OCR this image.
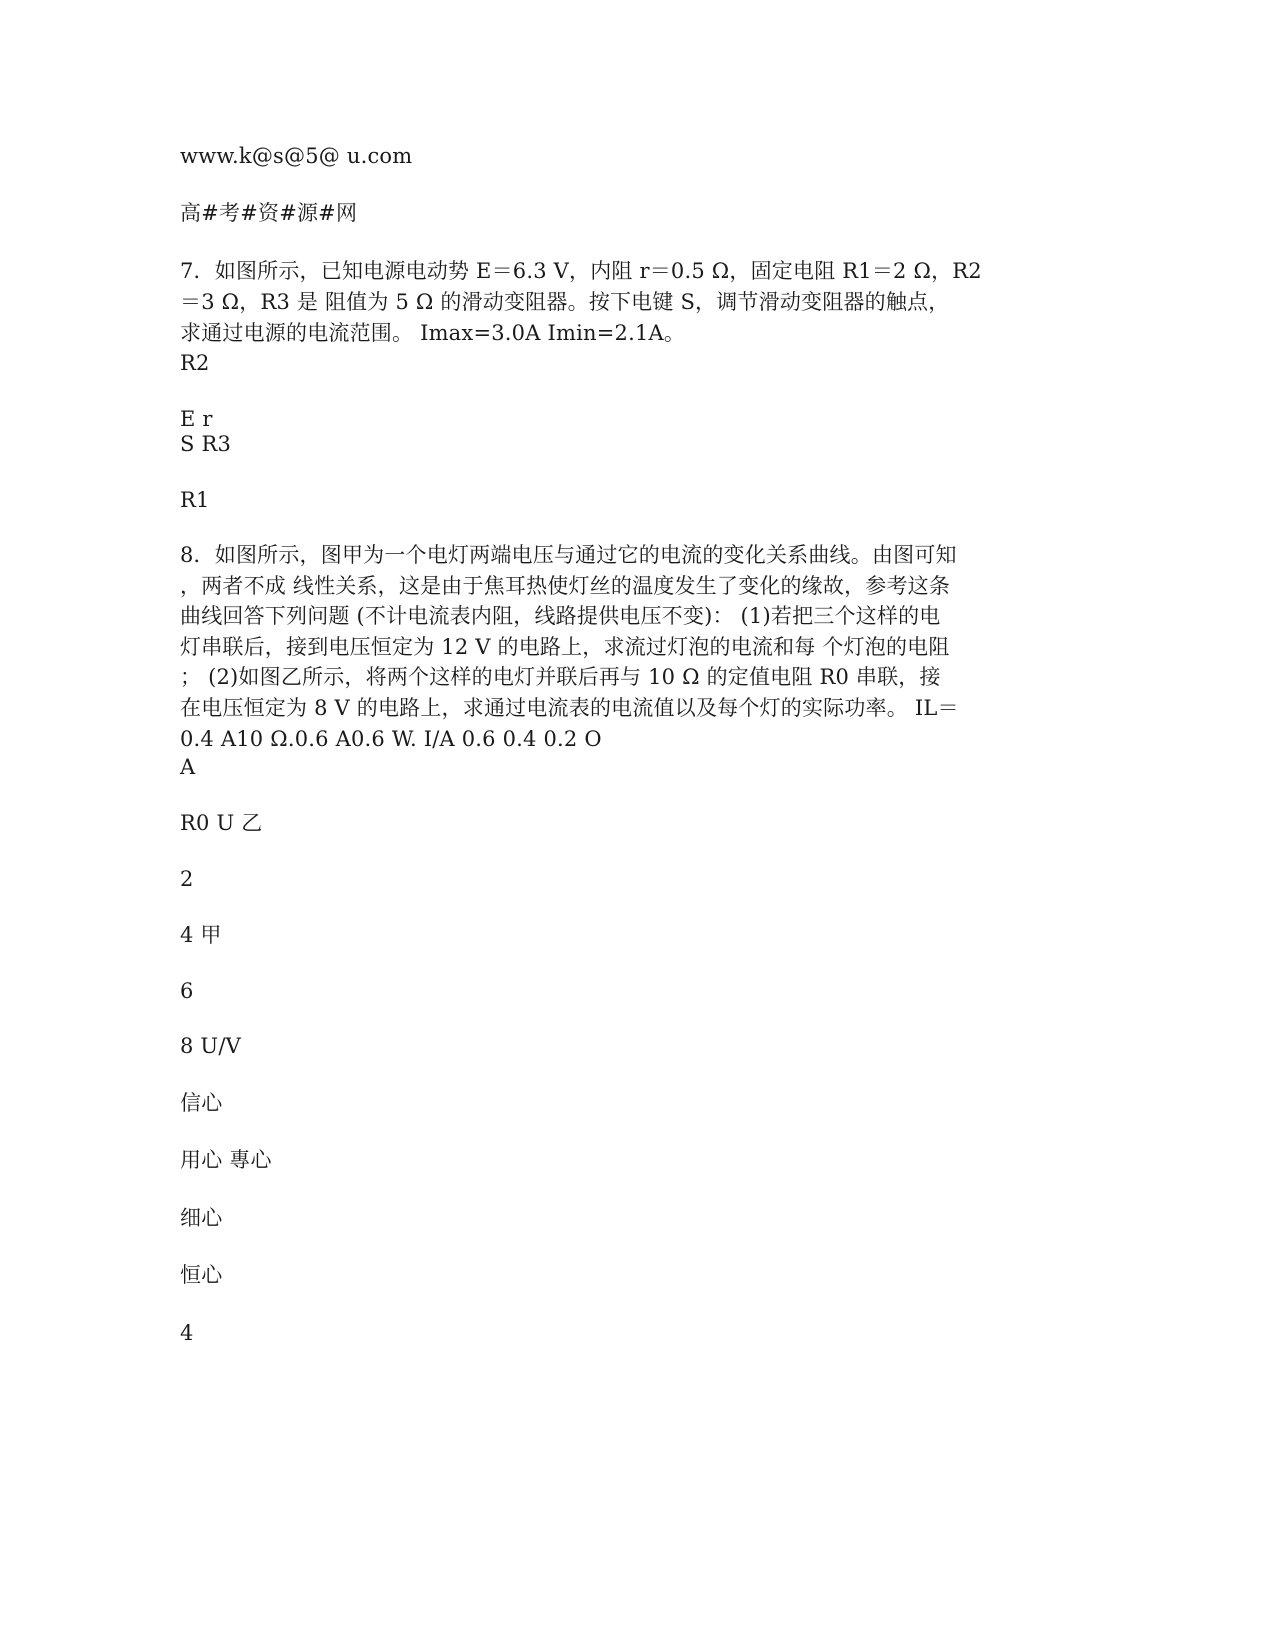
www.k@s@5@ u.com
高#考#资#源#网
7．如图所示，已知电源电动势 E＝6.3 V，内阻 r＝0.5 Ω，固定电阻 R1＝2 Ω，R2
＝3 Ω，R3 是 阻值为 5 Ω 的滑动变阻器。按下电键 S，调节滑动变阻器的触点，
求通过电源的电流范围。 Imax=3.0A Imin=2.1A。
R2
E r
S R3
R1
8．如图所示，图甲为一个电灯两端电压与通过它的电流的变化关系曲线。由图可知
，两者不成 线性关系，这是由于焦耳热使灯丝的温度发生了变化的缘故，参考这条
曲线回答下列问题 (不计电流表内阻，线路提供电压不变)： (1)若把三个这样的电
灯串联后，接到电压恒定为 12 V 的电路上，求流过灯泡的电流和每 个灯泡的电阻
； (2)如图乙所示，将两个这样的电灯并联后再与 10 Ω 的定值电阻 R0 串联，接
在电压恒定为 8 V 的电路上，求通过电流表的电流值以及每个灯的实际功率。 IL＝
0.4 A10 Ω.0.6 A0.6 W. I/A 0.6 0.4 0.2 O
A
R0 U 乙
2
4 甲
6
8 U/V
信心
用心 專心
细心
恒心
4
